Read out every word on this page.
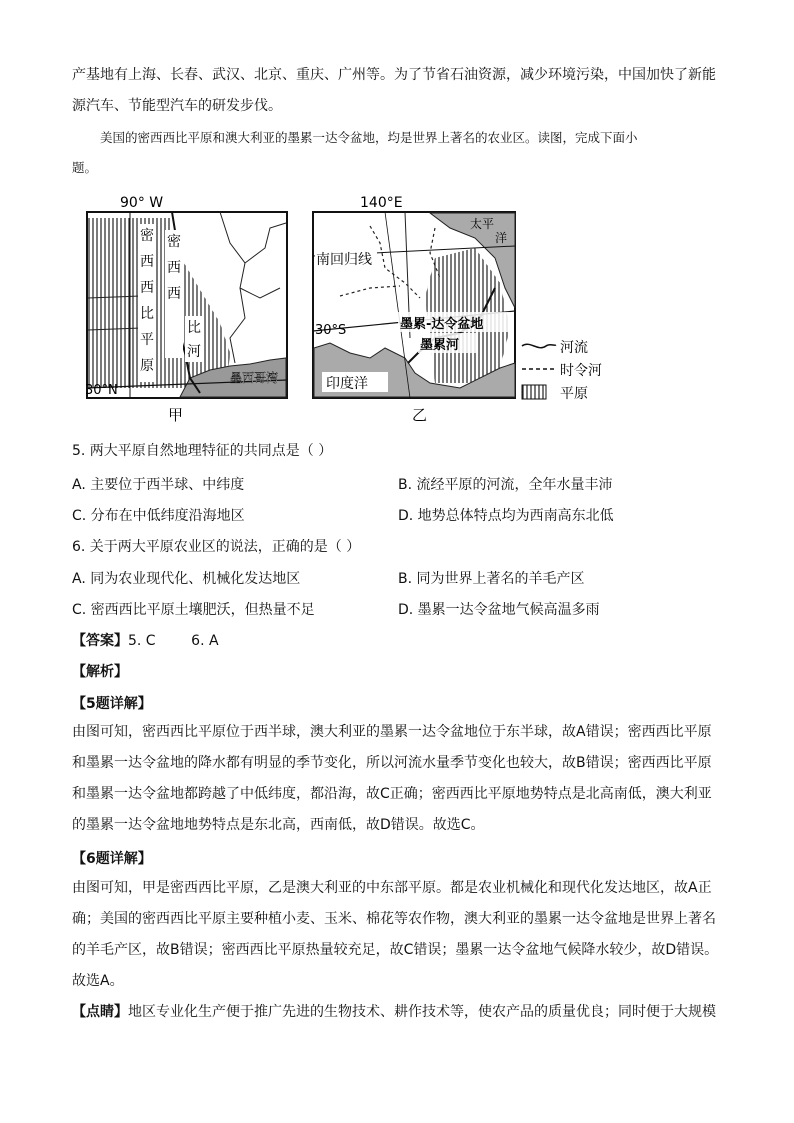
产基地有上海、长春、武汉、北京、重庆、广州等。为了节省石油资源，减少环境污染，中国加快了新能源汽车、节能型汽车的研发步伐。
美国的密西西比平原和澳大利亚的墨累一达令盆地，均是世界上著名的农业区。读图，完成下面小
题。
90° W
30°N
密
西
西
比
平
原
密
西
西
比
河
墨西哥湾
甲
140°E
太平
洋
南回归线
30°S	墨累-达令盆地
墨累河
印度洋
乙
河流
时令河
平原
5. 两大平原自然地理特征的共同点是（ ）
A. 主要位于西半球、中纬度	B. 流经平原的河流，全年水量丰沛
C. 分布在中低纬度沿海地区	D. 地势总体特点均为西南高东北低
6. 关于两大平原农业区的说法，正确的是（ ）
A. 同为农业现代化、机械化发达地区	B. 同为世界上著名的羊毛产区
C. 密西西比平原土壤肥沃，但热量不足	D. 墨累一达令盆地气候高温多雨
【答案】5. C        6. A
【解析】
【5题详解】
由图可知，密西西比平原位于西半球，澳大利亚的墨累一达令盆地位于东半球，故A错误；密西西比平原和墨累一达令盆地的降水都有明显的季节变化，所以河流水量季节变化也较大，故B错误；密西西比平原和墨累一达令盆地都跨越了中低纬度，都沿海，故C正确；密西西比平原地势特点是北高南低，澳大利亚的墨累一达令盆地地势特点是东北高，西南低，故D错误。故选C。
【6题详解】
由图可知，甲是密西西比平原，乙是澳大利亚的中东部平原。都是农业机械化和现代化发达地区，故A正确；美国的密西西比平原主要种植小麦、玉米、棉花等农作物，澳大利亚的墨累一达令盆地是世界上著名的羊毛产区，故B错误；密西西比平原热量较充足，故C错误；墨累一达令盆地气候降水较少，故D错误。故选A。
【点睛】地区专业化生产便于推广先进的生物技术、耕作技术等，使农产品的质量优良；同时便于大规模
